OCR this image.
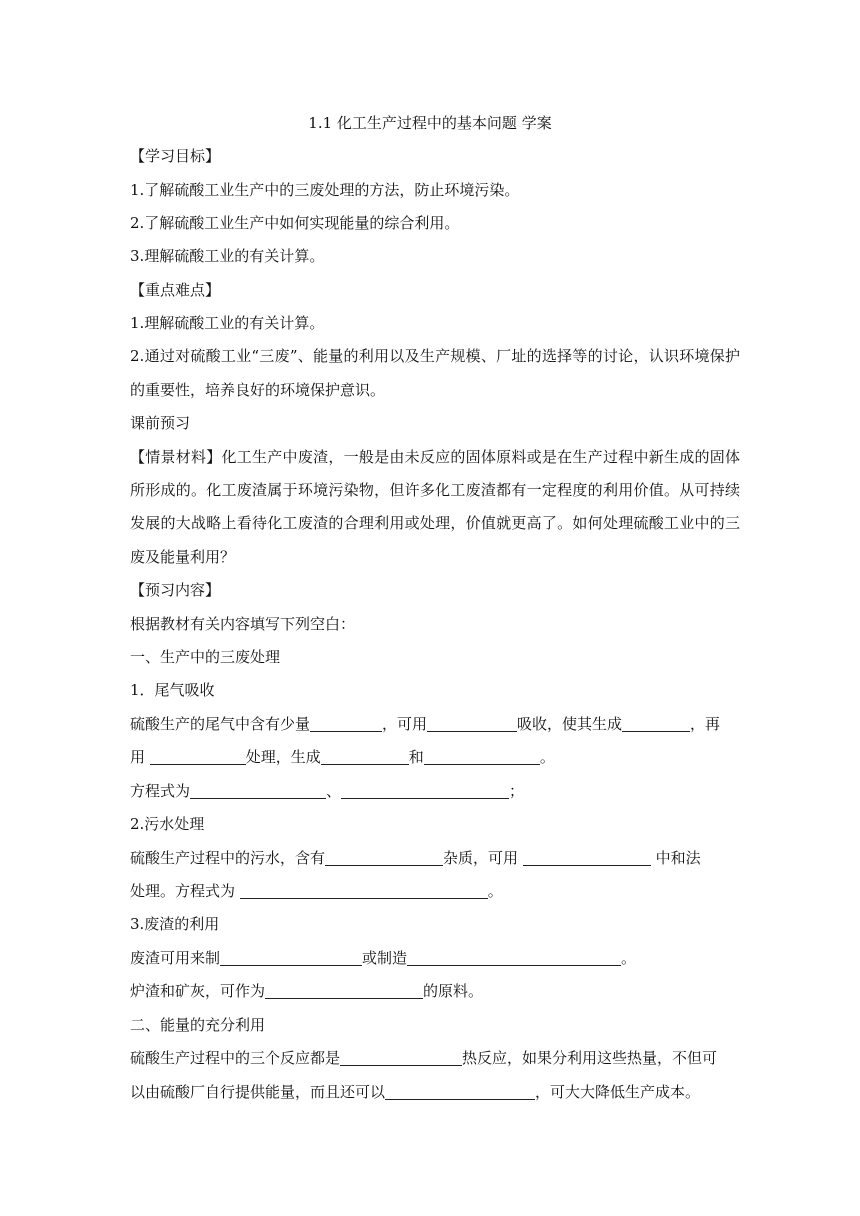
1.1 化工生产过程中的基本问题 学案
【学习目标】
1.了解硫酸工业生产中的三废处理的方法，防止环境污染。
2.了解硫酸工业生产中如何实现能量的综合利用。
3.理解硫酸工业的有关计算。
【重点难点】
1.理解硫酸工业的有关计算。
2.通过对硫酸工业“三废”、能量的利用以及生产规模、厂址的选择等的讨论，认识环境保护
的重要性，培养良好的环境保护意识。
课前预习
【情景材料】化工生产中废渣，一般是由未反应的固体原料或是在生产过程中新生成的固体
所形成的。化工废渣属于环境污染物，但许多化工废渣都有一定程度的利用价值。从可持续
发展的大战略上看待化工废渣的合理利用或处理，价值就更高了。如何处理硫酸工业中的三
废及能量利用？
【预习内容】
根据教材有关内容填写下列空白：
一、生产中的三废处理
1．尾气吸收
硫酸生产的尾气中含有少量	，可用	吸收，使其生成	，再
用	处理，生成	和	。
方程式为	、	；
2.污水处理
硫酸生产过程中的污水，含有	杂质，可用	中和法
处理。方程式为	。
3.废渣的利用
废渣可用来制	或制造	。
炉渣和矿灰，可作为	的原料。
二、能量的充分利用
硫酸生产过程中的三个反应都是	热反应，如果分利用这些热量，不但可
以由硫酸厂自行提供能量，而且还可以	，可大大降低生产成本。
